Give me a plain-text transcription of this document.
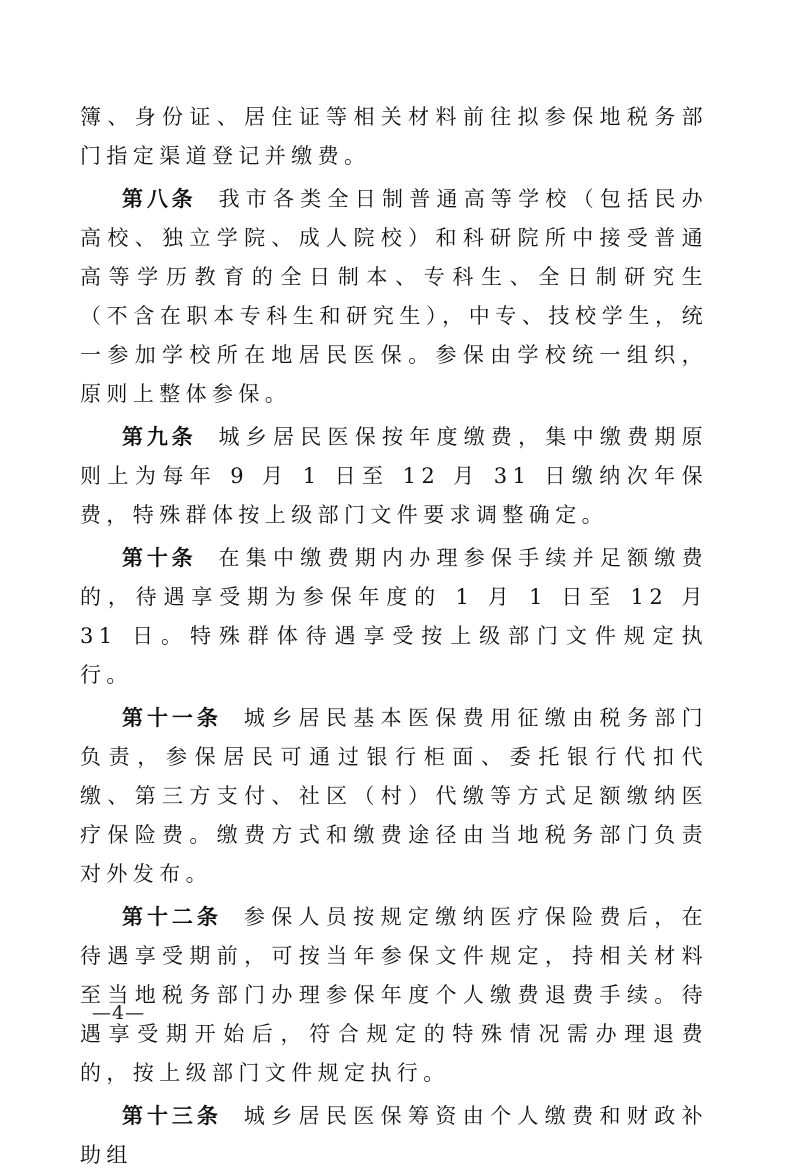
簿、身份证、居住证等相关材料前往拟参保地税务部门指定渠道登记并缴费。

第八条 我市各类全日制普通高等学校（包括民办高校、独立学院、成人院校）和科研院所中接受普通高等学历教育的全日制本、专科生、全日制研究生（不含在职本专科生和研究生），中专、技校学生，统一参加学校所在地居民医保。参保由学校统一组织，原则上整体参保。

第九条 城乡居民医保按年度缴费，集中缴费期原则上为每年 9 月 1 日至 12 月 31 日缴纳次年保费，特殊群体按上级部门文件要求调整确定。

第十条 在集中缴费期内办理参保手续并足额缴费的，待遇享受期为参保年度的 1 月 1 日至 12 月 31 日。特殊群体待遇享受按上级部门文件规定执行。

第十一条 城乡居民基本医保费用征缴由税务部门负责，参保居民可通过银行柜面、委托银行代扣代缴、第三方支付、社区（村）代缴等方式足额缴纳医疗保险费。缴费方式和缴费途径由当地税务部门负责对外发布。

第十二条 参保人员按规定缴纳医疗保险费后，在待遇享受期前，可按当年参保文件规定，持相关材料至当地税务部门办理参保年度个人缴费退费手续。待遇享受期开始后，符合规定的特殊情况需办理退费的，按上级部门文件规定执行。

第十三条 城乡居民医保筹资由个人缴费和财政补助组

—4—
